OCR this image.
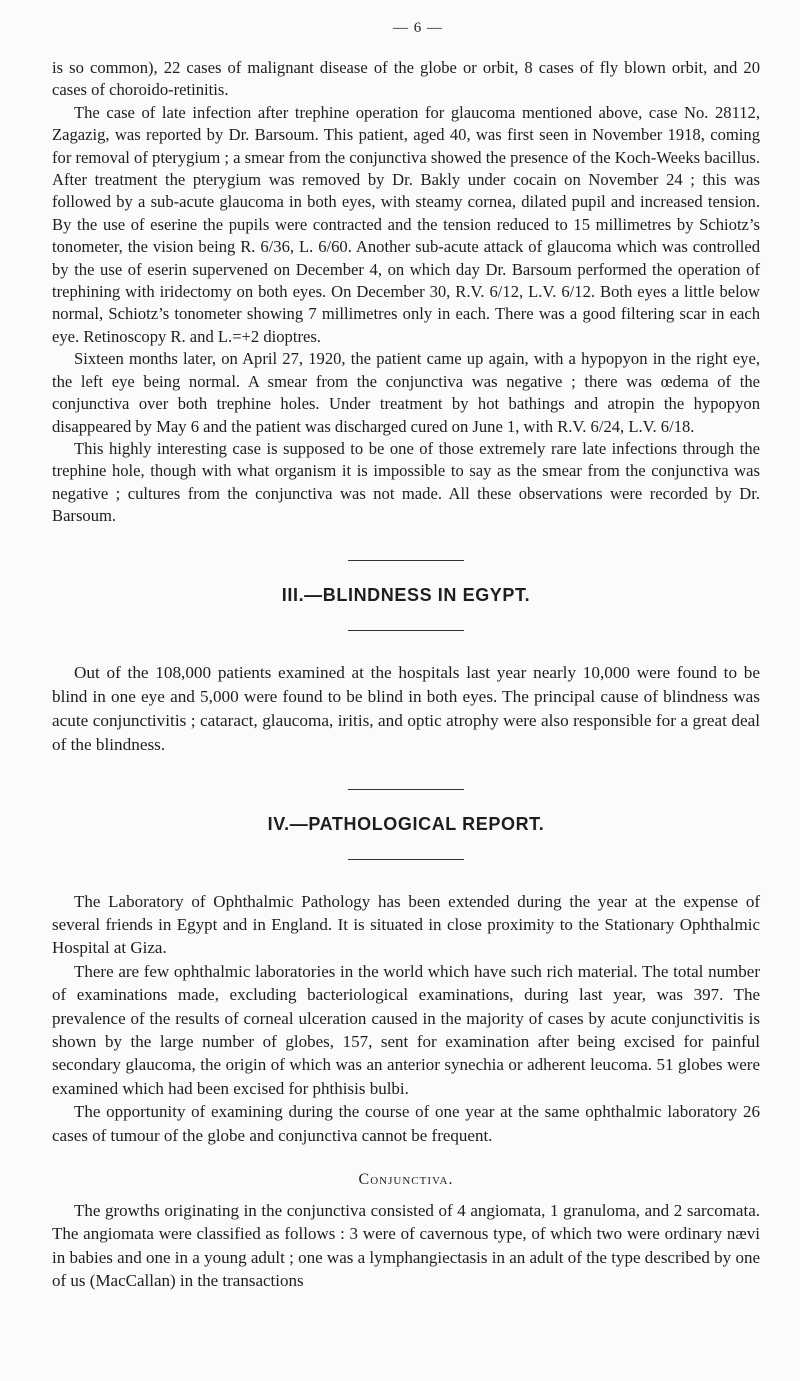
— 6 —

is so common), 22 cases of malignant disease of the globe or orbit, 8 cases of fly blown orbit, and 20 cases of choroido-retinitis.

The case of late infection after trephine operation for glaucoma mentioned above, case No. 28112, Zagazig, was reported by Dr. Barsoum. This patient, aged 40, was first seen in November 1918, coming for removal of pterygium ; a smear from the conjunctiva showed the presence of the Koch-Weeks bacillus. After treatment the pterygium was removed by Dr. Bakly under cocain on November 24 ; this was followed by a sub-acute glaucoma in both eyes, with steamy cornea, dilated pupil and increased tension. By the use of eserine the pupils were contracted and the tension reduced to 15 millimetres by Schiotz’s tonometer, the vision being R. 6/36, L. 6/60. Another sub-acute attack of glaucoma which was controlled by the use of eserin supervened on December 4, on which day Dr. Barsoum performed the operation of trephining with iridectomy on both eyes. On December 30, R.V. 6/12, L.V. 6/12. Both eyes a little below normal, Schiotz’s tonometer showing 7 millimetres only in each. There was a good filtering scar in each eye. Retinoscopy R. and L.=+2 dioptres.

Sixteen months later, on April 27, 1920, the patient came up again, with a hypopyon in the right eye, the left eye being normal. A smear from the conjunctiva was negative ; there was œdema of the conjunctiva over both trephine holes. Under treatment by hot bathings and atropin the hypopyon disappeared by May 6 and the patient was discharged cured on June 1, with R.V. 6/24, L.V. 6/18.

This highly interesting case is supposed to be one of those extremely rare late infections through the trephine hole, though with what organism it is impossible to say as the smear from the conjunctiva was negative ; cultures from the conjunctiva was not made. All these observations were recorded by Dr. Barsoum.

III.—BLINDNESS IN EGYPT.

Out of the 108,000 patients examined at the hospitals last year nearly 10,000 were found to be blind in one eye and 5,000 were found to be blind in both eyes. The principal cause of blindness was acute conjunctivitis ; cataract, glaucoma, iritis, and optic atrophy were also responsible for a great deal of the blindness.

IV.—PATHOLOGICAL REPORT.

The Laboratory of Ophthalmic Pathology has been extended during the year at the expense of several friends in Egypt and in England. It is situated in close proximity to the Stationary Ophthalmic Hospital at Giza.

There are few ophthalmic laboratories in the world which have such rich material. The total number of examinations made, excluding bacteriological examinations, during last year, was 397. The prevalence of the results of corneal ulceration caused in the majority of cases by acute conjunctivitis is shown by the large number of globes, 157, sent for examination after being excised for painful secondary glaucoma, the origin of which was an anterior synechia or adherent leucoma. 51 globes were examined which had been excised for phthisis bulbi.

The opportunity of examining during the course of one year at the same ophthalmic laboratory 26 cases of tumour of the globe and conjunctiva cannot be frequent.

Conjunctiva.

The growths originating in the conjunctiva consisted of 4 angiomata, 1 granuloma, and 2 sarcomata. The angiomata were classified as follows : 3 were of cavernous type, of which two were ordinary nævi in babies and one in a young adult ; one was a lymphangiectasis in an adult of the type described by one of us (MacCallan) in the transactions
